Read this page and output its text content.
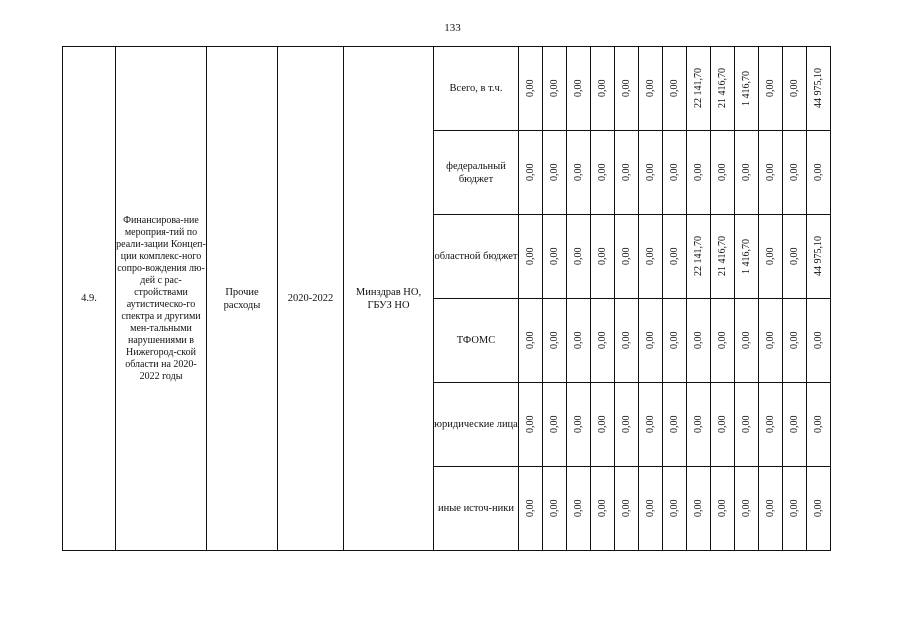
133
4.9.	Финансирова-ние мероприя-тий по реали-зации Концеп-ции комплекс-ного сопро-вождения лю-дей с рас-стройствами аутистическо-го спектра и другими мен-тальными нарушениями в Нижегород-ской области на 2020-2022 годы	Прочие расходы	2020-2022	Минздрав НО, ГБУЗ НО	Всего, в т.ч.	0,00	0,00	0,00	0,00	0,00	0,00	0,00	22 141,70	21 416,70	1 416,70	0,00	0,00	44 975,10

					федеральный бюджет	0,00	0,00	0,00	0,00	0,00	0,00	0,00	0,00	0,00	0,00	0,00	0,00	0,00

					областной бюджет	0,00	0,00	0,00	0,00	0,00	0,00	0,00	22 141,70	21 416,70	1 416,70	0,00	0,00	44 975,10

					ТФОМС	0,00	0,00	0,00	0,00	0,00	0,00	0,00	0,00	0,00	0,00	0,00	0,00	0,00

					юридические лица	0,00	0,00	0,00	0,00	0,00	0,00	0,00	0,00	0,00	0,00	0,00	0,00	0,00

					иные источ-ники	0,00	0,00	0,00	0,00	0,00	0,00	0,00	0,00	0,00	0,00	0,00	0,00	0,00
